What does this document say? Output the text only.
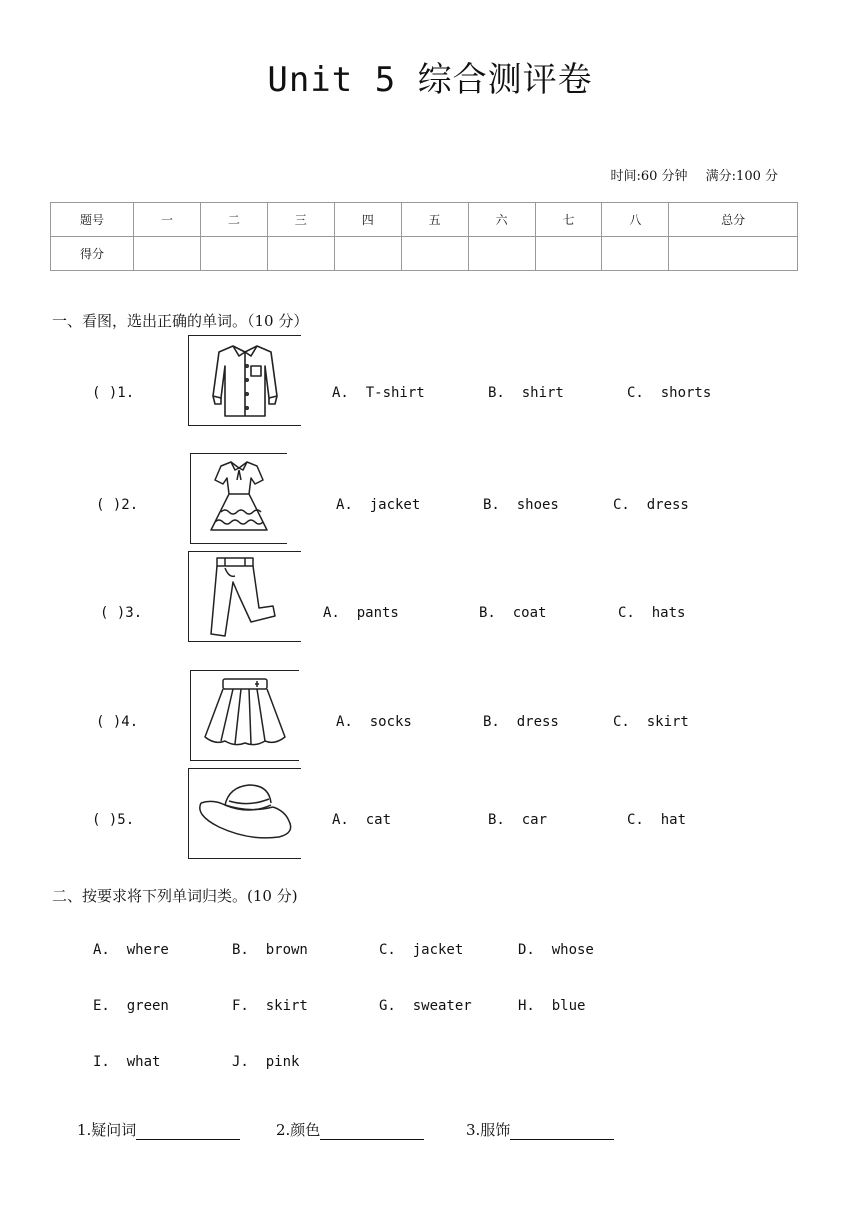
Unit 5 综合测评卷
时间:60 分钟 满分:100 分
题号	一	二	三	四	五	六	七	八	总分
得分									
一、看图，选出正确的单词。（10 分）
( )1.	A.  T-shirt	B.  shirt	C.  shorts
( )2.	A.  jacket	B.  shoes	C.  dress
( )3.	A.  pants	B.  coat	C.  hats
( )4.	A.  socks	B.  dress	C.  skirt
( )5.	A.  cat	B.  car	C.  hat
二、按要求将下列单词归类。(10 分)
A.  where	B.  brown	C.  jacket	D.  whose
E.  green	F.  skirt	G.  sweater	H.  blue
I.  what	J.  pink
1.疑问词	2.颜色	3.服饰
